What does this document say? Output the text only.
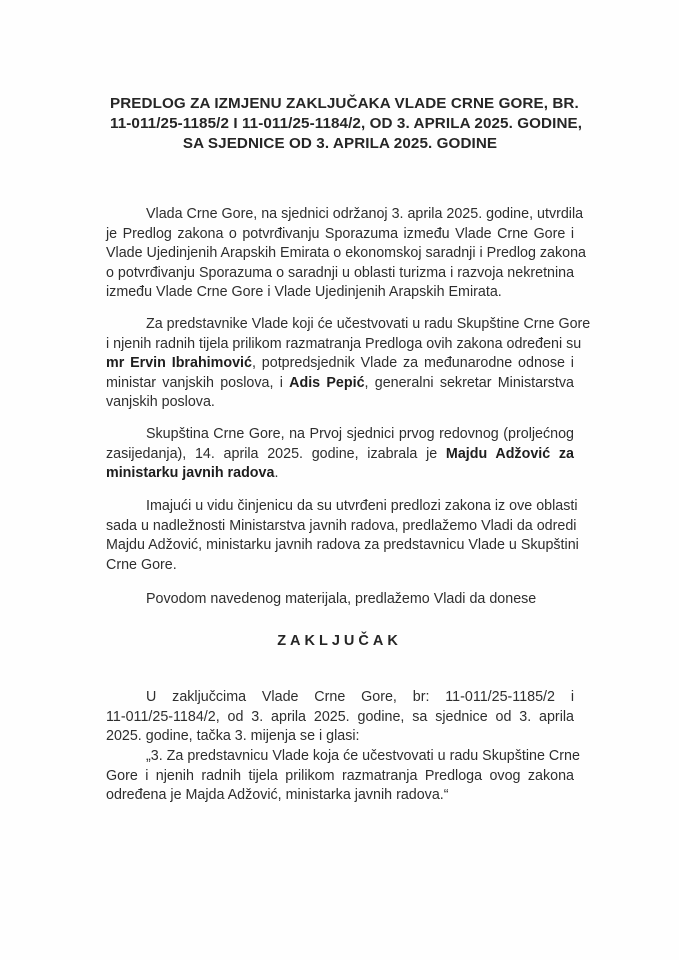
PREDLOG ZA IZMJENU ZAKLJUČAKA VLADE CRNE GORE, BR.
11-011/25-1185/2 I 11-011/25-1184/2, OD 3. APRILA 2025. GODINE,
SA SJEDNICE OD 3. APRILA 2025. GODINE
Vlada Crne Gore, na sjednici održanoj 3. aprila 2025. godine, utvrdila
je Predlog zakona o potvrđivanju Sporazuma između Vlade Crne Gore i
Vlade Ujedinjenih Arapskih Emirata o ekonomskoj saradnji i Predlog zakona
o potvrđivanju Sporazuma o saradnji u oblasti turizma i razvoja nekretnina
između Vlade Crne Gore i Vlade Ujedinjenih Arapskih Emirata.
Za predstavnike Vlade koji će učestvovati u radu Skupštine Crne Gore
i njenih radnih tijela prilikom razmatranja Predloga ovih zakona određeni su
mr Ervin Ibrahimović, potpredsjednik Vlade za međunarodne odnose i
ministar vanjskih poslova, i Adis Pepić, generalni sekretar Ministarstva
vanjskih poslova.
Skupština Crne Gore, na Prvoj sjednici prvog redovnog (proljećnog
zasijedanja), 14. aprila 2025. godine, izabrala je Majdu Adžović za
ministarku javnih radova.
Imajući u vidu činjenicu da su utvrđeni predlozi zakona iz ove oblasti
sada u nadležnosti Ministarstva javnih radova, predlažemo Vladi da odredi
Majdu Adžović, ministarku javnih radova za predstavnicu Vlade u Skupštini
Crne Gore.
Povodom navedenog materijala, predlažemo Vladi da donese
ZAKLJUČAK
U zaključcima Vlade Crne Gore, br: 11-011/25-1185/2 i
11-011/25-1184/2, od 3. aprila 2025. godine, sa sjednice od 3. aprila
2025. godine, tačka 3. mijenja se i glasi:
„3. Za predstavnicu Vlade koja će učestvovati u radu Skupštine Crne
Gore i njenih radnih tijela prilikom razmatranja Predloga ovog zakona
određena je Majda Adžović, ministarka javnih radova.“
